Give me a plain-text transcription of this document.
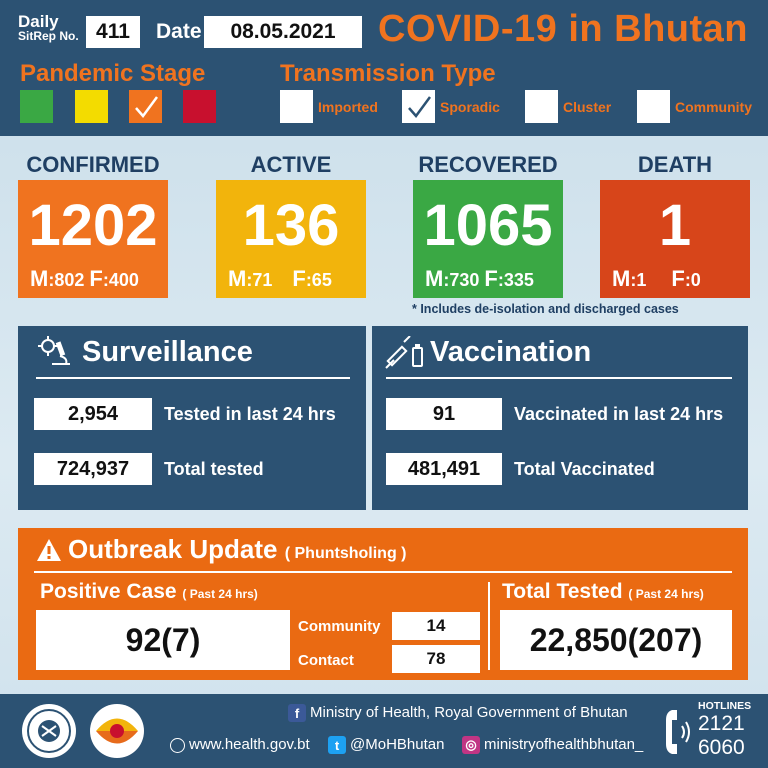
Daily
SitRep No. 411	Date	08.05.2021	COVID-19 in Bhutan
Pandemic Stage	Transmission Type
Imported	Sporadic	Cluster	Community
CONFIRMED
1202
M:802 F:400
ACTIVE
136
M:71 F:65
RECOVERED
1065
M:730 F:335
DEATH
1
M:1 F:0
* Includes de-isolation and discharged cases
Surveillance
2,954	Tested in last 24 hrs
724,937	Total tested
Vaccination
91	Vaccinated in last 24 hrs
481,491	Total Vaccinated
Outbreak Update ( Phuntsholing )
Positive Case ( Past 24 hrs)
92(7)	Community	14
Contact	78
Total Tested ( Past 24 hrs)
22,850(207)
f Ministry of Health, Royal Government of Bhutan
www.health.gov.bt	t @MoHBhutan ◎ ministryofhealthbhutan_
HOTLINES
2121
6060
